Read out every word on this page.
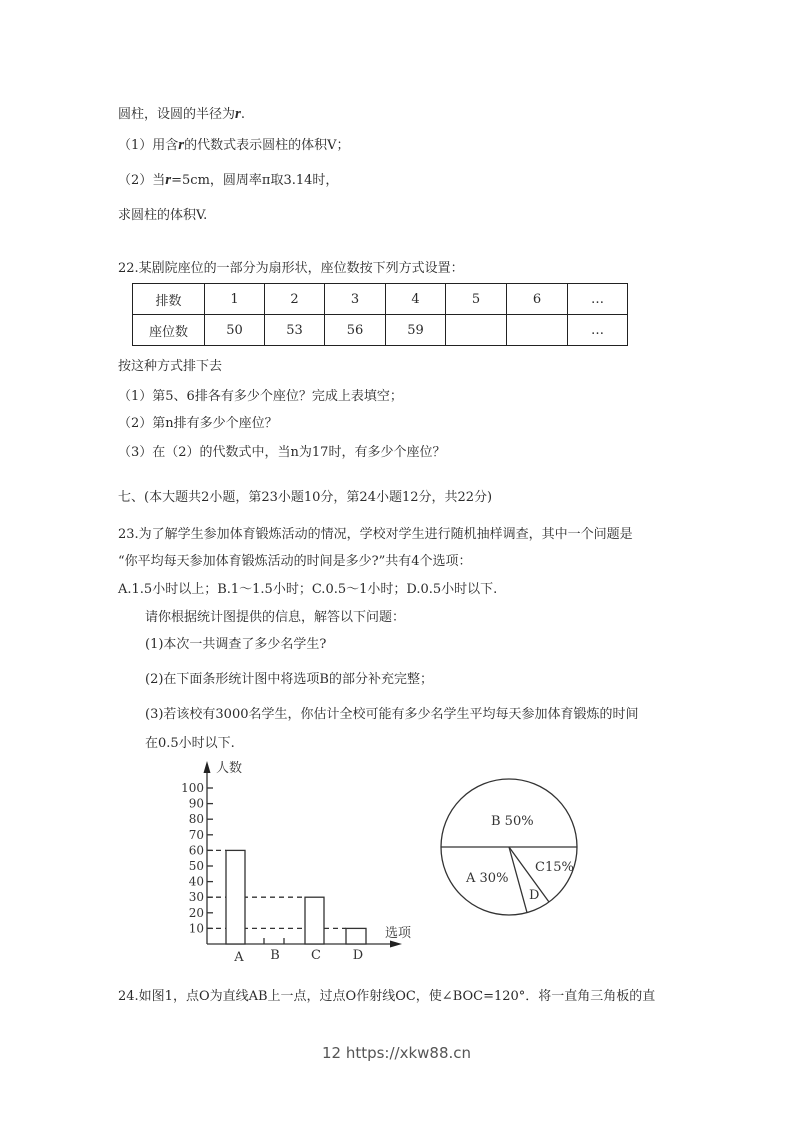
圆柱，设圆的半径为r.
（1）用含r的代数式表示圆柱的体积V；
（2）当r=5cm，圆周率π取3.14时，
求圆柱的体积V.
22.某剧院座位的一部分为扇形状，座位数按下列方式设置：
排数	1	2	3	4	5	6	…
座位数	50	53	56	59			…
按这种方式排下去
（1）第5、6排各有多少个座位？完成上表填空；
（2）第n排有多少个座位？
（3）在（2）的代数式中，当n为17时，有多少个座位？
七、(本大题共2小题，第23小题10分，第24小题12分，共22分)
23.为了解学生参加体育锻炼活动的情况，学校对学生进行随机抽样调查，其中一个问题是
“你平均每天参加体育锻炼活动的时间是多少?”共有4个选项：
A.1.5小时以上；B.1～1.5小时；C.0.5～1小时；D.0.5小时以下.
请你根据统计图提供的信息，解答以下问题：
(1)本次一共调查了多少名学生?
(2)在下面条形统计图中将选项B的部分补充完整；
(3)若该校有3000名学生，你估计全校可能有多少名学生平均每天参加体育锻炼的时间
在0.5小时以下.
人数
选项
100
90
80
70
60
50
40
30
20
10
A B C D
B 50%
A 30%
C15%
D
24.如图1，点O为直线AB上一点，过点O作射线OC，使∠BOC=120°．将一直角三角板的直
12 https://xkw88.cn
